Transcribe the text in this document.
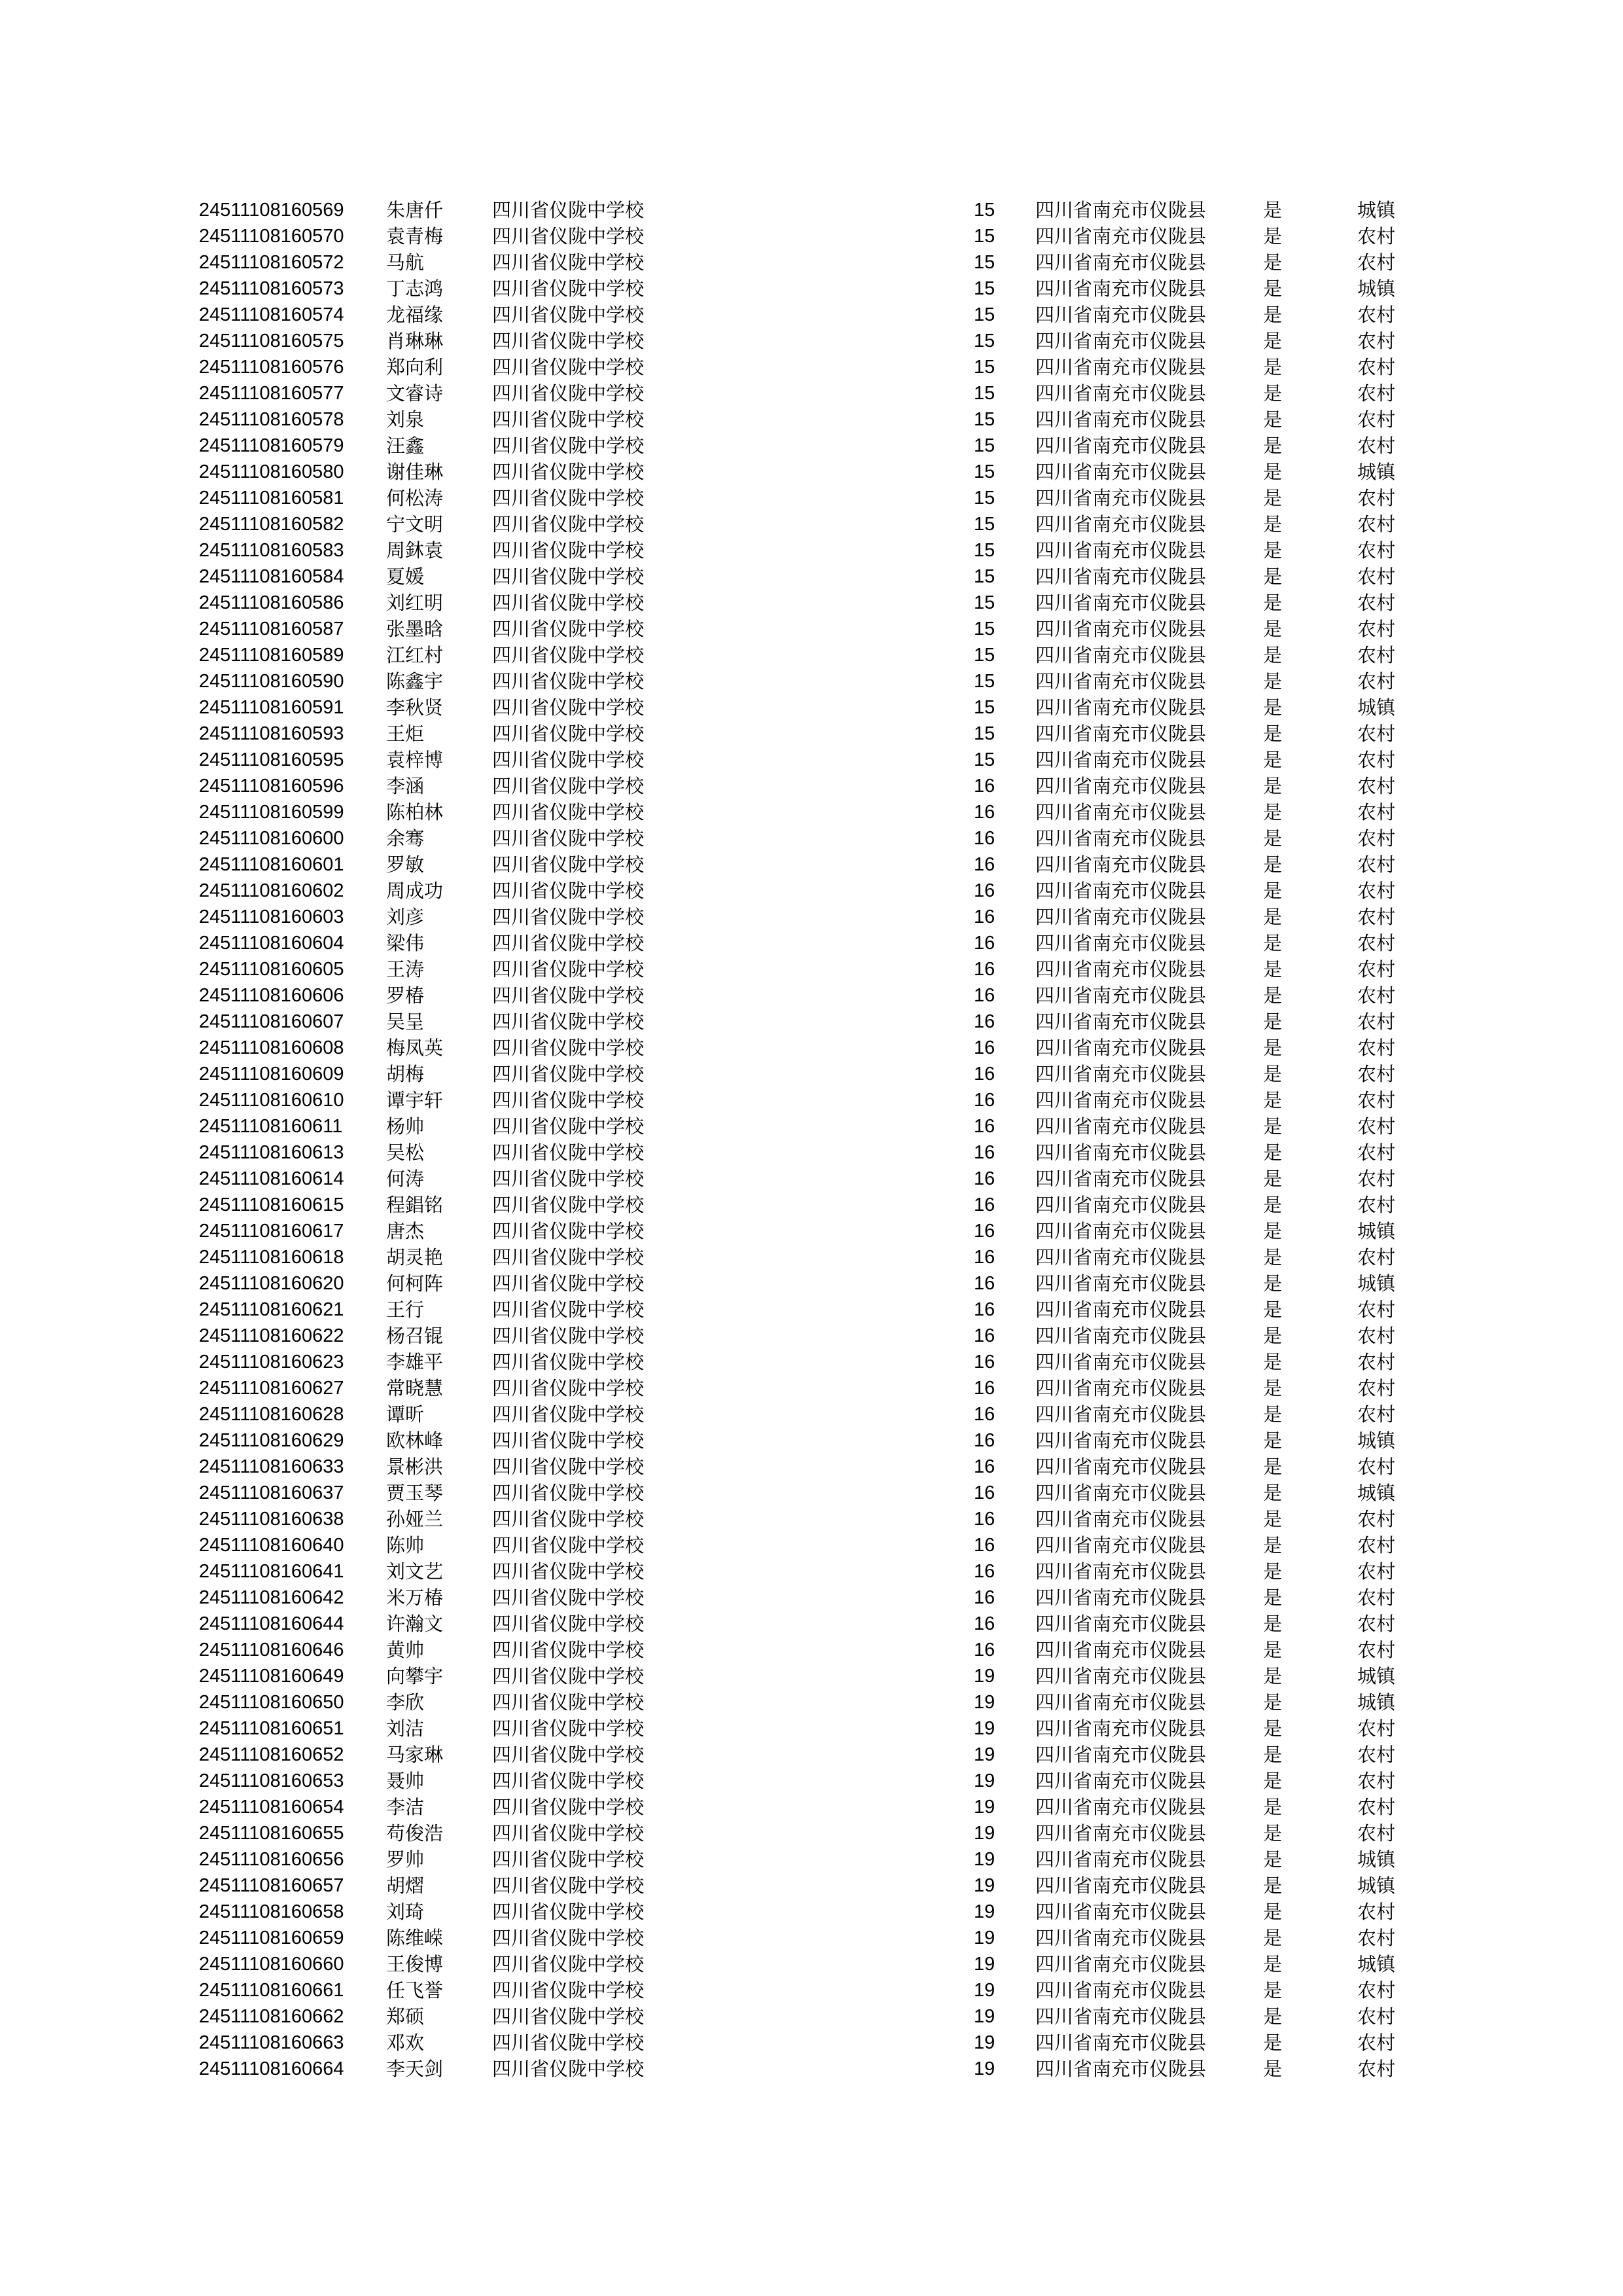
24511108160569 朱唐仟	四川省仪陇中学校	15	四川省南充市仪陇县	是	城镇
24511108160570 袁青梅	四川省仪陇中学校	15	四川省南充市仪陇县	是	农村
24511108160572 马航	四川省仪陇中学校	15	四川省南充市仪陇县	是	农村
24511108160573 丁志鸿	四川省仪陇中学校	15	四川省南充市仪陇县	是	城镇
24511108160574 龙福缘	四川省仪陇中学校	15	四川省南充市仪陇县	是	农村
24511108160575 肖琳琳	四川省仪陇中学校	15	四川省南充市仪陇县	是	农村
24511108160576 郑向利	四川省仪陇中学校	15	四川省南充市仪陇县	是	农村
24511108160577 文睿诗	四川省仪陇中学校	15	四川省南充市仪陇县	是	农村
24511108160578 刘泉	四川省仪陇中学校	15	四川省南充市仪陇县	是	农村
24511108160579 汪鑫	四川省仪陇中学校	15	四川省南充市仪陇县	是	农村
24511108160580 谢佳琳	四川省仪陇中学校	15	四川省南充市仪陇县	是	城镇
24511108160581 何松涛	四川省仪陇中学校	15	四川省南充市仪陇县	是	农村
24511108160582 宁文明	四川省仪陇中学校	15	四川省南充市仪陇县	是	农村
24511108160583 周鈢袁	四川省仪陇中学校	15	四川省南充市仪陇县	是	农村
24511108160584 夏媛	四川省仪陇中学校	15	四川省南充市仪陇县	是	农村
24511108160586 刘红明	四川省仪陇中学校	15	四川省南充市仪陇县	是	农村
24511108160587 张墨晗	四川省仪陇中学校	15	四川省南充市仪陇县	是	农村
24511108160589 江红村	四川省仪陇中学校	15	四川省南充市仪陇县	是	农村
24511108160590 陈鑫宇	四川省仪陇中学校	15	四川省南充市仪陇县	是	农村
24511108160591 李秋贤	四川省仪陇中学校	15	四川省南充市仪陇县	是	城镇
24511108160593 王炬	四川省仪陇中学校	15	四川省南充市仪陇县	是	农村
24511108160595 袁梓博	四川省仪陇中学校	15	四川省南充市仪陇县	是	农村
24511108160596 李涵	四川省仪陇中学校	16	四川省南充市仪陇县	是	农村
24511108160599 陈柏林	四川省仪陇中学校	16	四川省南充市仪陇县	是	农村
24511108160600 余骞	四川省仪陇中学校	16	四川省南充市仪陇县	是	农村
24511108160601 罗敏	四川省仪陇中学校	16	四川省南充市仪陇县	是	农村
24511108160602 周成功	四川省仪陇中学校	16	四川省南充市仪陇县	是	农村
24511108160603 刘彦	四川省仪陇中学校	16	四川省南充市仪陇县	是	农村
24511108160604 梁伟	四川省仪陇中学校	16	四川省南充市仪陇县	是	农村
24511108160605 王涛	四川省仪陇中学校	16	四川省南充市仪陇县	是	农村
24511108160606 罗椿	四川省仪陇中学校	16	四川省南充市仪陇县	是	农村
24511108160607 吴呈	四川省仪陇中学校	16	四川省南充市仪陇县	是	农村
24511108160608 梅凤英	四川省仪陇中学校	16	四川省南充市仪陇县	是	农村
24511108160609 胡梅	四川省仪陇中学校	16	四川省南充市仪陇县	是	农村
24511108160610 谭宇轩	四川省仪陇中学校	16	四川省南充市仪陇县	是	农村
24511108160611 杨帅	四川省仪陇中学校	16	四川省南充市仪陇县	是	农村
24511108160613 吴松	四川省仪陇中学校	16	四川省南充市仪陇县	是	农村
24511108160614 何涛	四川省仪陇中学校	16	四川省南充市仪陇县	是	农村
24511108160615 程錩铭	四川省仪陇中学校	16	四川省南充市仪陇县	是	农村
24511108160617 唐杰	四川省仪陇中学校	16	四川省南充市仪陇县	是	城镇
24511108160618 胡灵艳	四川省仪陇中学校	16	四川省南充市仪陇县	是	农村
24511108160620 何柯阵	四川省仪陇中学校	16	四川省南充市仪陇县	是	城镇
24511108160621 王行	四川省仪陇中学校	16	四川省南充市仪陇县	是	农村
24511108160622 杨召锟	四川省仪陇中学校	16	四川省南充市仪陇县	是	农村
24511108160623 李雄平	四川省仪陇中学校	16	四川省南充市仪陇县	是	农村
24511108160627 常晓慧	四川省仪陇中学校	16	四川省南充市仪陇县	是	农村
24511108160628 谭昕	四川省仪陇中学校	16	四川省南充市仪陇县	是	农村
24511108160629 欧林峰	四川省仪陇中学校	16	四川省南充市仪陇县	是	城镇
24511108160633 景彬洪	四川省仪陇中学校	16	四川省南充市仪陇县	是	农村
24511108160637 贾玉琴	四川省仪陇中学校	16	四川省南充市仪陇县	是	城镇
24511108160638 孙娅兰	四川省仪陇中学校	16	四川省南充市仪陇县	是	农村
24511108160640 陈帅	四川省仪陇中学校	16	四川省南充市仪陇县	是	农村
24511108160641 刘文艺	四川省仪陇中学校	16	四川省南充市仪陇县	是	农村
24511108160642 米万椿	四川省仪陇中学校	16	四川省南充市仪陇县	是	农村
24511108160644 许瀚文	四川省仪陇中学校	16	四川省南充市仪陇县	是	农村
24511108160646 黄帅	四川省仪陇中学校	16	四川省南充市仪陇县	是	农村
24511108160649 向攀宇	四川省仪陇中学校	19	四川省南充市仪陇县	是	城镇
24511108160650 李欣	四川省仪陇中学校	19	四川省南充市仪陇县	是	城镇
24511108160651 刘洁	四川省仪陇中学校	19	四川省南充市仪陇县	是	农村
24511108160652 马家琳	四川省仪陇中学校	19	四川省南充市仪陇县	是	农村
24511108160653 聂帅	四川省仪陇中学校	19	四川省南充市仪陇县	是	农村
24511108160654 李洁	四川省仪陇中学校	19	四川省南充市仪陇县	是	农村
24511108160655 苟俊浩	四川省仪陇中学校	19	四川省南充市仪陇县	是	农村
24511108160656 罗帅	四川省仪陇中学校	19	四川省南充市仪陇县	是	城镇
24511108160657 胡熠	四川省仪陇中学校	19	四川省南充市仪陇县	是	城镇
24511108160658 刘琦	四川省仪陇中学校	19	四川省南充市仪陇县	是	农村
24511108160659 陈维嵘	四川省仪陇中学校	19	四川省南充市仪陇县	是	农村
24511108160660 王俊博	四川省仪陇中学校	19	四川省南充市仪陇县	是	城镇
24511108160661 任飞誉	四川省仪陇中学校	19	四川省南充市仪陇县	是	农村
24511108160662 郑硕	四川省仪陇中学校	19	四川省南充市仪陇县	是	农村
24511108160663 邓欢	四川省仪陇中学校	19	四川省南充市仪陇县	是	农村
24511108160664 李天剑	四川省仪陇中学校	19	四川省南充市仪陇县	是	农村
